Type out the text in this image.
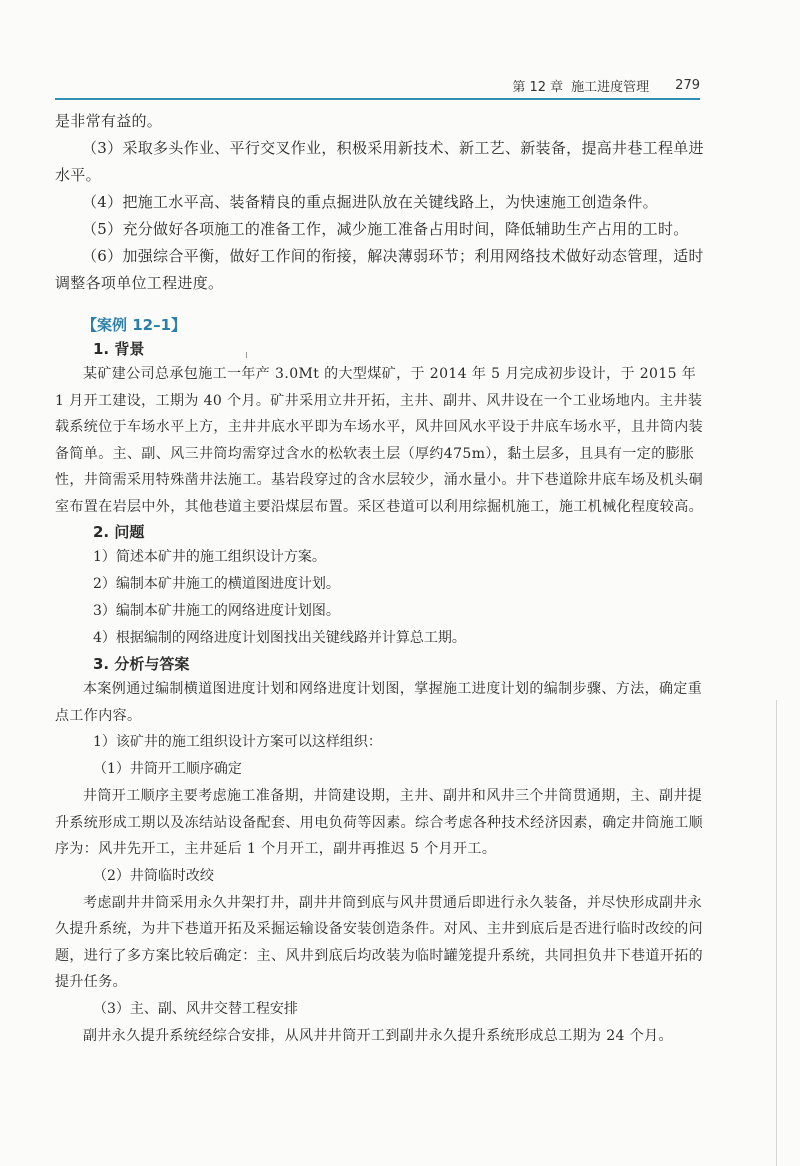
第 12 章 施工进度管理 279

是非常有益的。

（3）采取多头作业、平行交叉作业，积极采用新技术、新工艺、新装备，提高井巷工程单进水平。

（4）把施工水平高、装备精良的重点掘进队放在关键线路上，为快速施工创造条件。

（5）充分做好各项施工的准备工作，减少施工准备占用时间，降低辅助生产占用的工时。

（6）加强综合平衡，做好工作间的衔接，解决薄弱环节；利用网络技术做好动态管理，适时调整各项单位工程进度。

【案例 12–1】
1. 背景

某矿建公司总承包施工一年产 3.0Mt 的大型煤矿，于 2014 年 5 月完成初步设计，于 2015 年 1 月开工建设，工期为 40 个月。矿井采用立井开拓，主井、副井、风井设在一个工业场地内。主井装载系统位于车场水平上方，主井井底水平即为车场水平，风井回风水平设于井底车场水平，且井筒内装备简单。主、副、风三井筒均需穿过含水的松软表土层（厚约475m），黏土层多，且具有一定的膨胀性，井筒需采用特殊凿井法施工。基岩段穿过的含水层较少，涌水量小。井下巷道除井底车场及机头硐室布置在岩层中外，其他巷道主要沿煤层布置。采区巷道可以利用综掘机施工，施工机械化程度较高。

2. 问题

1）简述本矿井的施工组织设计方案。

2）编制本矿井施工的横道图进度计划。

3）编制本矿井施工的网络进度计划图。

4）根据编制的网络进度计划图找出关键线路并计算总工期。

3. 分析与答案

本案例通过编制横道图进度计划和网络进度计划图，掌握施工进度计划的编制步骤、方法，确定重点工作内容。

1）该矿井的施工组织设计方案可以这样组织：

（1）井筒开工顺序确定

井筒开工顺序主要考虑施工准备期，井筒建设期，主井、副井和风井三个井筒贯通期，主、副井提升系统形成工期以及冻结站设备配套、用电负荷等因素。综合考虑各种技术经济因素，确定井筒施工顺序为：风井先开工，主井延后 1 个月开工，副井再推迟 5 个月开工。

（2）井筒临时改绞

考虑副井井筒采用永久井架打井，副井井筒到底与风井贯通后即进行永久装备，并尽快形成副井永久提升系统，为井下巷道开拓及采掘运输设备安装创造条件。对风、主井到底后是否进行临时改绞的问题，进行了多方案比较后确定：主、风井到底后均改装为临时罐笼提升系统，共同担负井下巷道开拓的提升任务。

（3）主、副、风井交替工程安排

副井永久提升系统经综合安排，从风井井筒开工到副井永久提升系统形成总工期为 24 个月。
